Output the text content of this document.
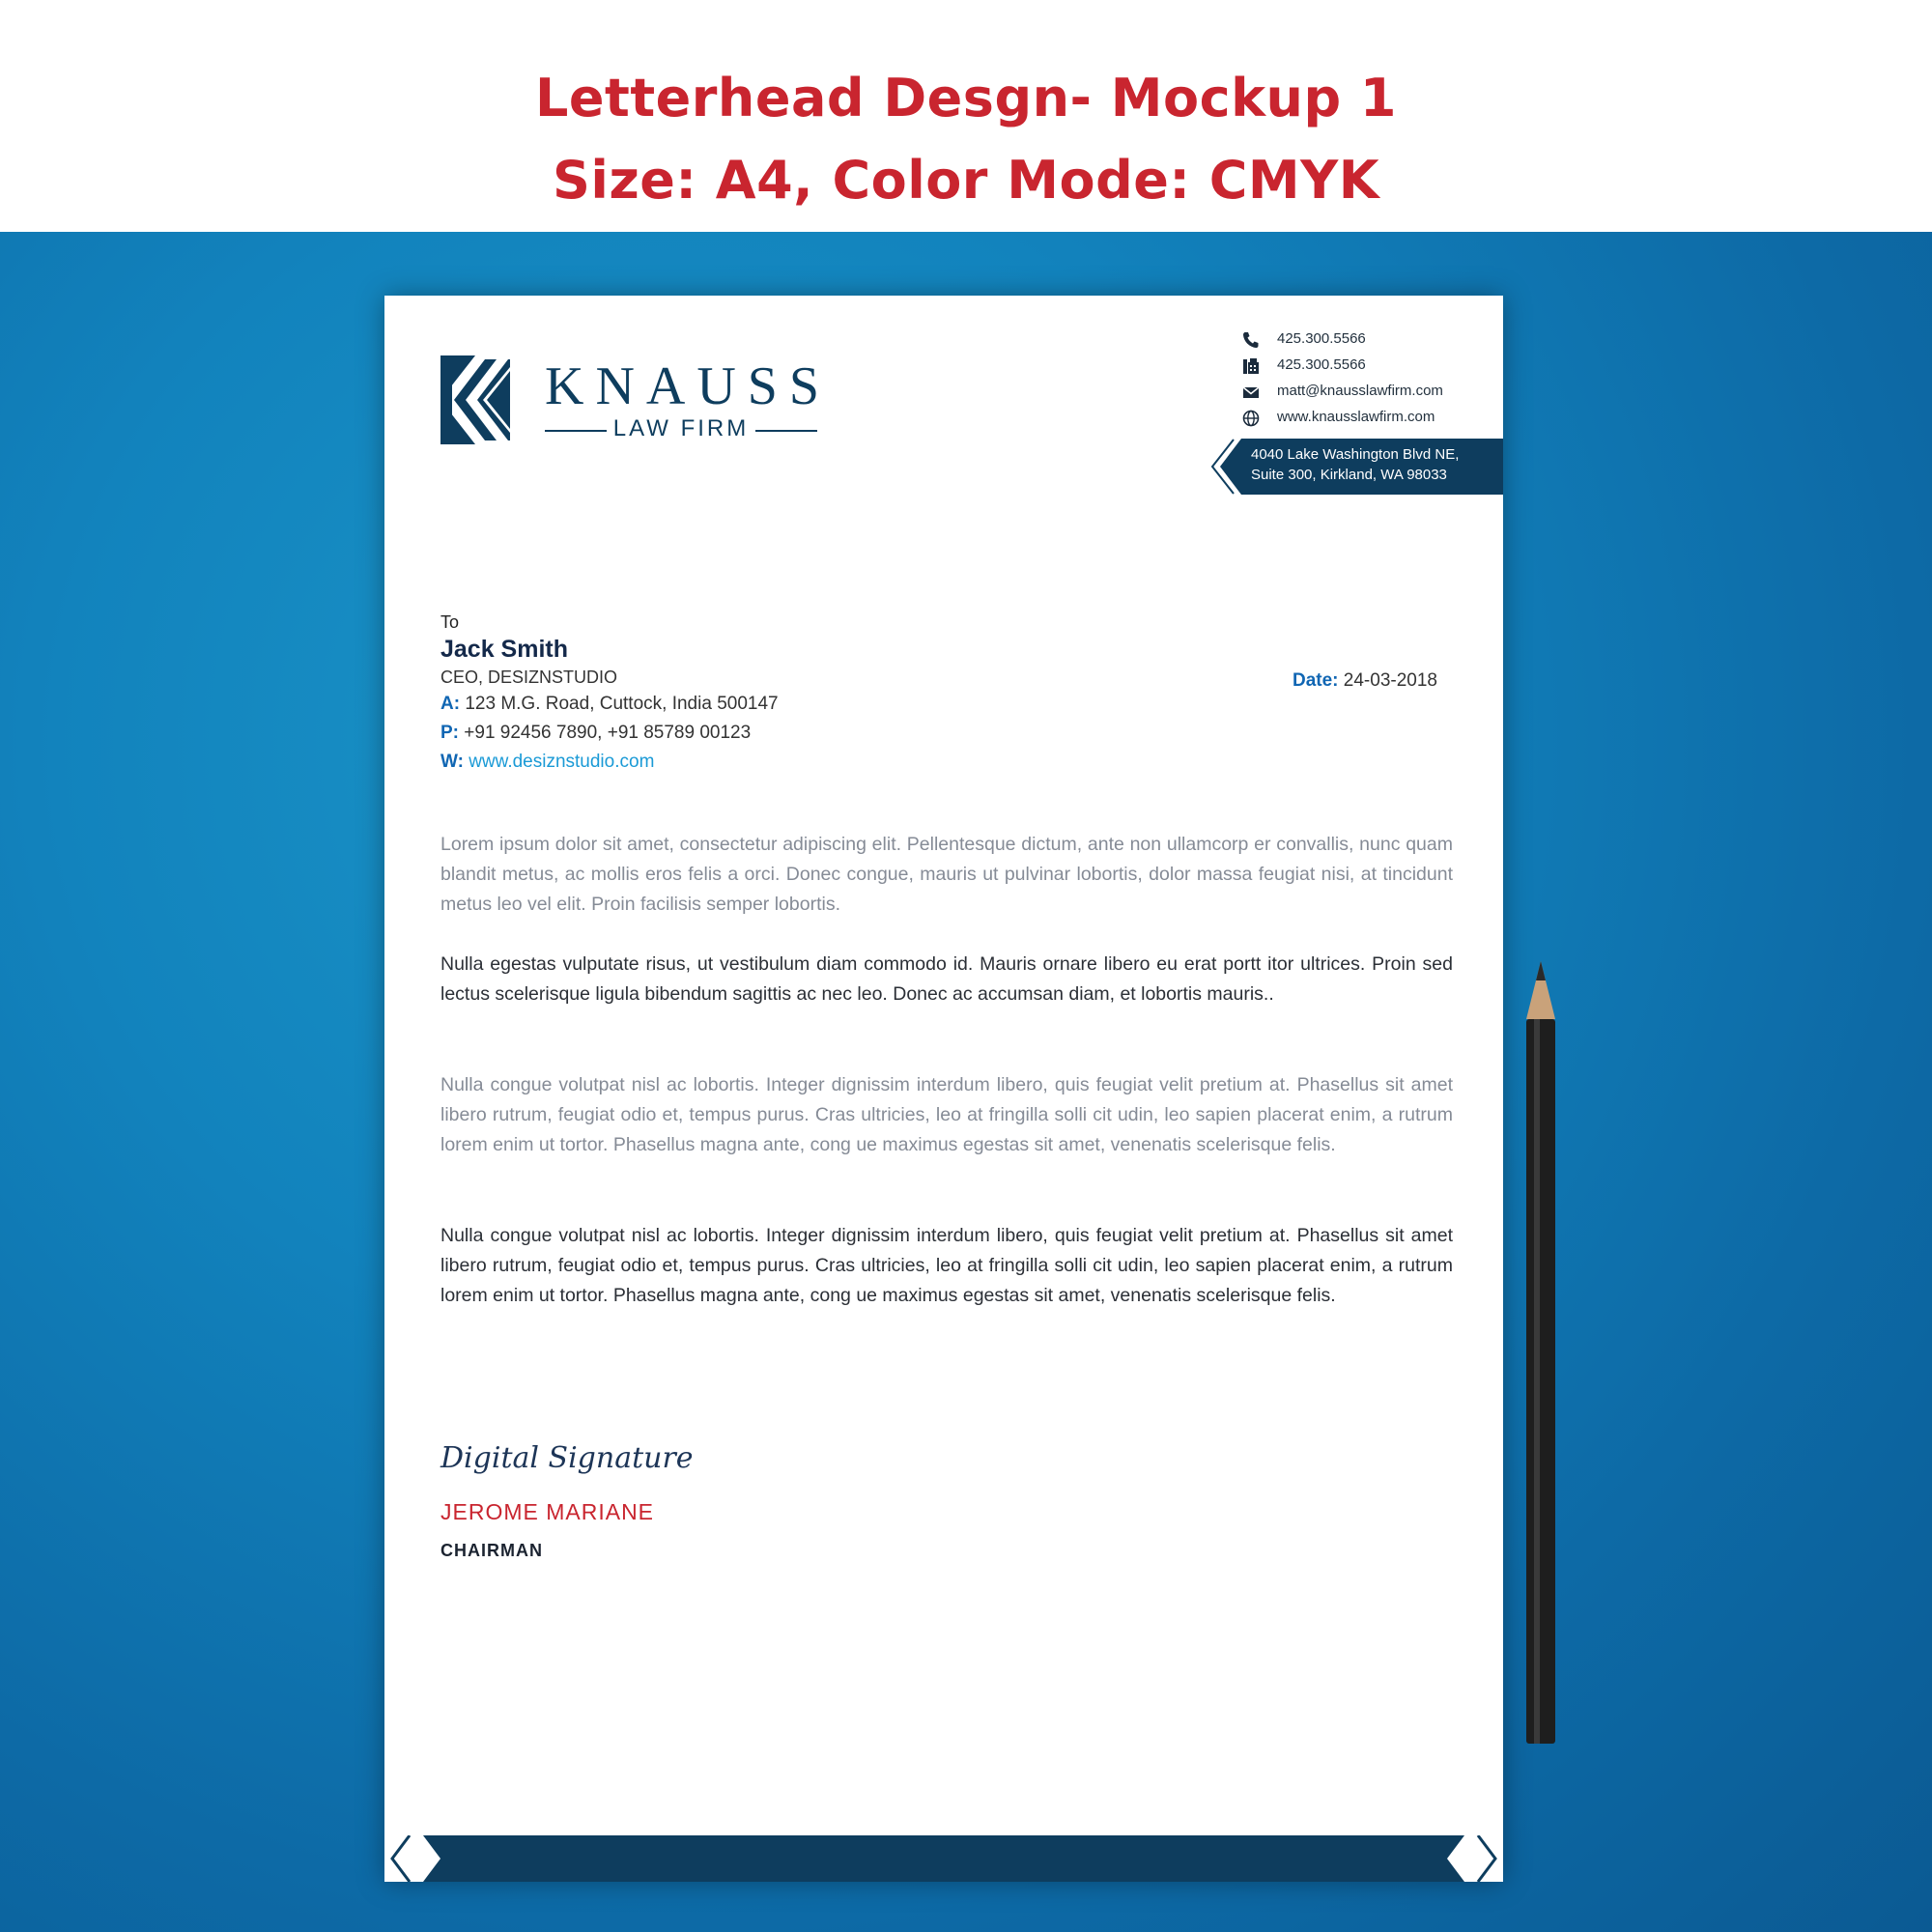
Letterhead Desgn- Mockup 1
Size: A4, Color Mode: CMYK
KNAUSS
LAW FIRM
425.300.5566
425.300.5566
matt@knausslawfirm.com
www.knausslawfirm.com
4040 Lake Washington Blvd NE,
Suite 300, Kirkland, WA 98033
To
Jack Smith
CEO, DESIZNSTUDIO
A: 123 M.G. Road, Cuttock, India 500147
P: +91 92456 7890, +91 85789 00123
W: www.desiznstudio.com
Date: 24-03-2018

Lorem ipsum dolor sit amet, consectetur adipiscing elit. Pellentesque dictum, ante non ullamcorp er convallis, nunc quam blandit metus, ac mollis eros felis a orci. Donec congue, mauris ut pulvinar lobortis, dolor massa feugiat nisi, at tincidunt metus leo vel elit. Proin facilisis semper lobortis.

Nulla egestas vulputate risus, ut vestibulum diam commodo id. Mauris ornare libero eu erat portt itor ultrices. Proin sed lectus scelerisque ligula bibendum sagittis ac nec leo. Donec ac accumsan diam, et lobortis mauris..

Nulla congue volutpat nisl ac lobortis. Integer dignissim interdum libero, quis feugiat velit pretium at. Phasellus sit amet libero rutrum, feugiat odio et, tempus purus. Cras ultricies, leo at fringilla solli cit udin, leo sapien placerat enim, a rutrum lorem enim ut tortor. Phasellus magna ante, cong ue maximus egestas sit amet, venenatis scelerisque felis.

Nulla congue volutpat nisl ac lobortis. Integer dignissim interdum libero, quis feugiat velit pretium at. Phasellus sit amet libero rutrum, feugiat odio et, tempus purus. Cras ultricies, leo at fringilla solli cit udin, leo sapien placerat enim, a rutrum lorem enim ut tortor. Phasellus magna ante, cong ue maximus egestas sit amet, venenatis scelerisque felis.

Digital Signature
JEROME MARIANE
CHAIRMAN
